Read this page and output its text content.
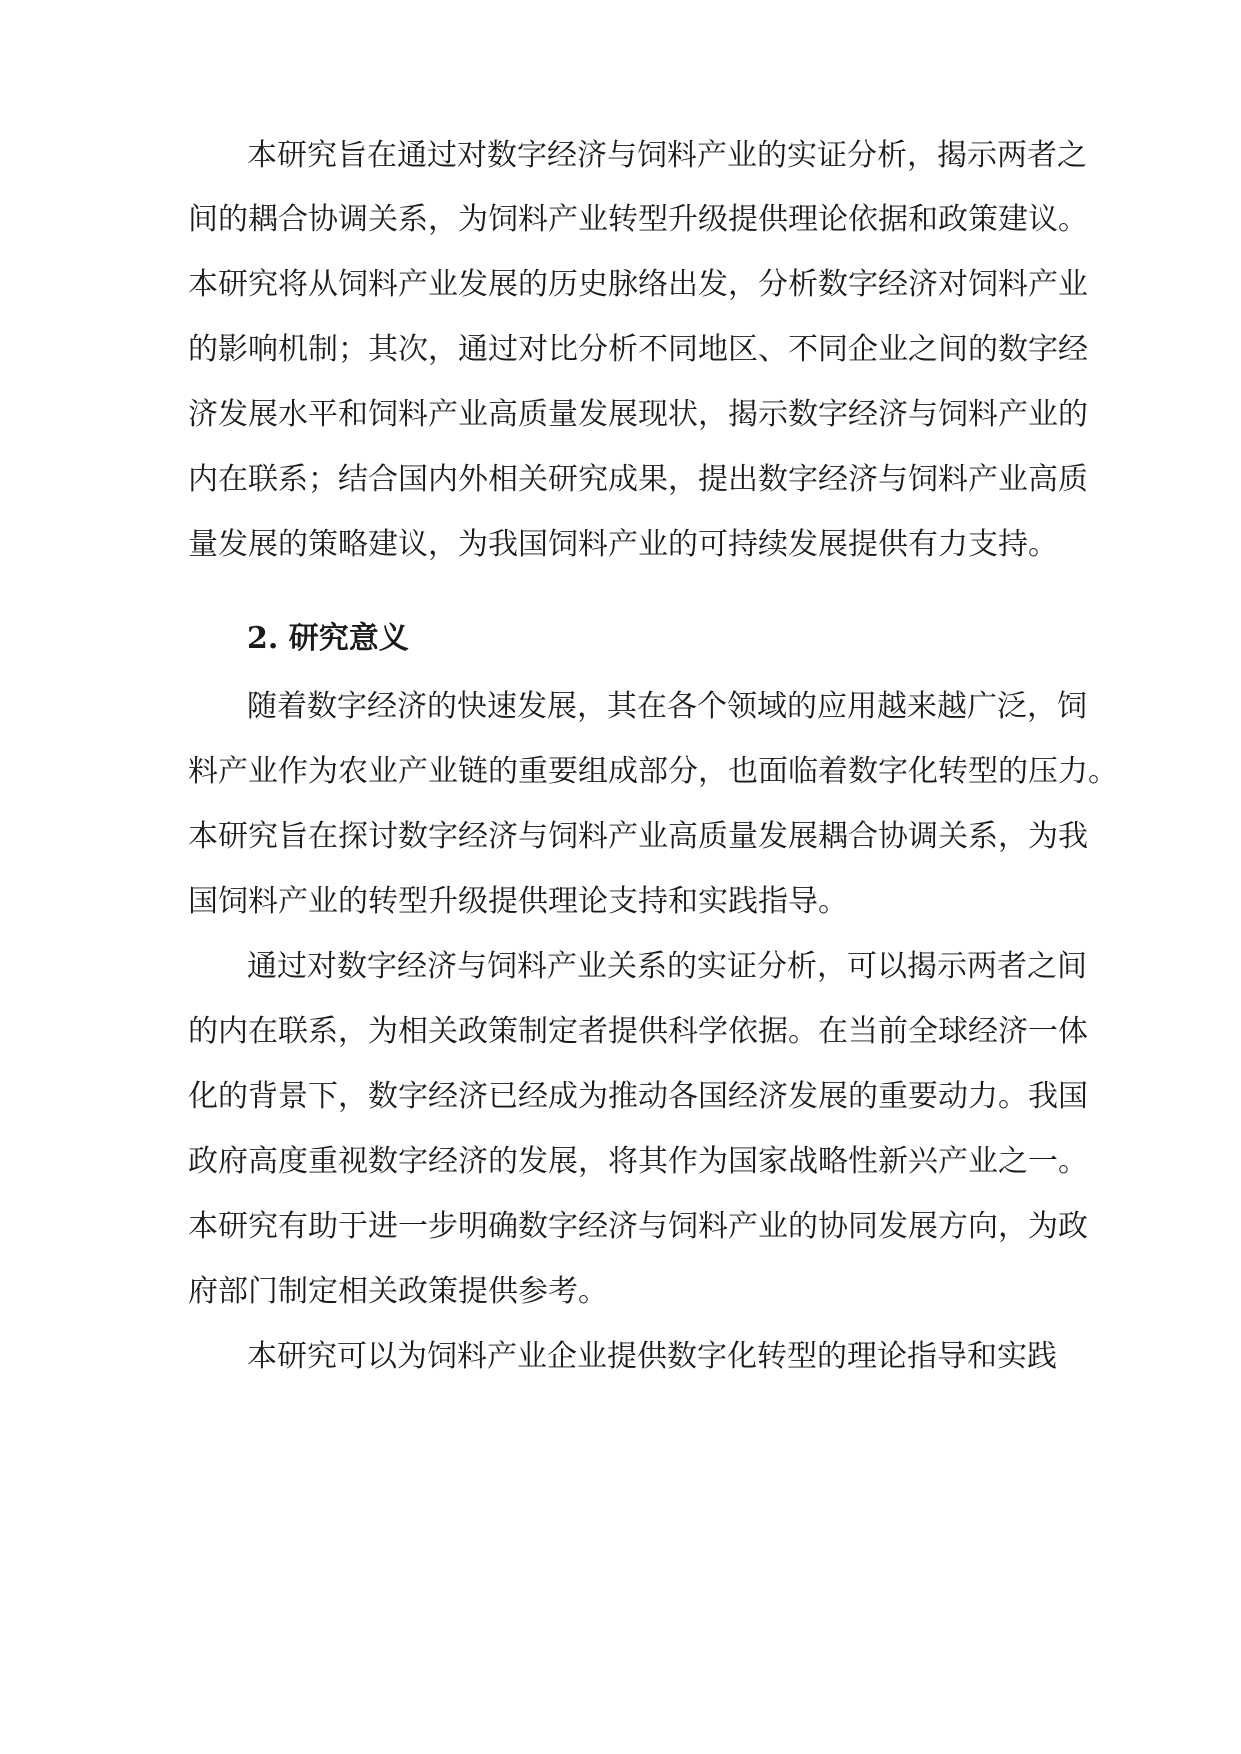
本研究旨在通过对数字经济与饲料产业的实证分析，揭示两者之
间的耦合协调关系，为饲料产业转型升级提供理论依据和政策建议。
本研究将从饲料产业发展的历史脉络出发，分析数字经济对饲料产业
的影响机制；其次，通过对比分析不同地区、不同企业之间的数字经
济发展水平和饲料产业高质量发展现状，揭示数字经济与饲料产业的
内在联系；结合国内外相关研究成果，提出数字经济与饲料产业高质
量发展的策略建议，为我国饲料产业的可持续发展提供有力支持。
2. 研究意义
随着数字经济的快速发展，其在各个领域的应用越来越广泛，饲
料产业作为农业产业链的重要组成部分，也面临着数字化转型的压力。
本研究旨在探讨数字经济与饲料产业高质量发展耦合协调关系，为我
国饲料产业的转型升级提供理论支持和实践指导。
通过对数字经济与饲料产业关系的实证分析，可以揭示两者之间
的内在联系，为相关政策制定者提供科学依据。在当前全球经济一体
化的背景下，数字经济已经成为推动各国经济发展的重要动力。我国
政府高度重视数字经济的发展，将其作为国家战略性新兴产业之一。
本研究有助于进一步明确数字经济与饲料产业的协同发展方向，为政
府部门制定相关政策提供参考。
本研究可以为饲料产业企业提供数字化转型的理论指导和实践
